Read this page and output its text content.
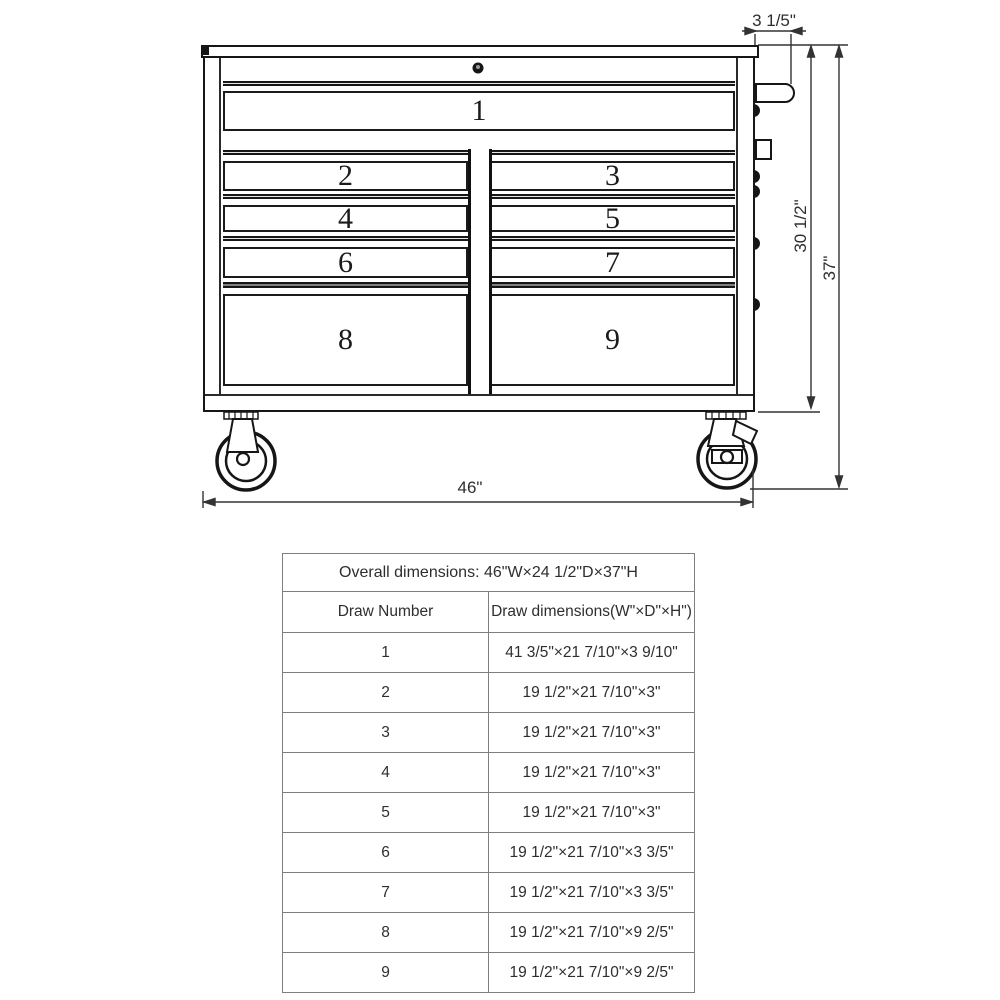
1
2	3
4	5
6	7
8	9
3 1/5"
30 1/2"
37"
46"
Overall dimensions: 46"W×24 1/2"D×37"H	
Draw Number	Draw dimensions(W"×D"×H")
1	41 3/5"×21 7/10"×3 9/10"
2	19 1/2"×21 7/10"×3"
3	19 1/2"×21 7/10"×3"
4	19 1/2"×21 7/10"×3"
5	19 1/2"×21 7/10"×3"
6	19 1/2"×21 7/10"×3 3/5"
7	19 1/2"×21 7/10"×3 3/5"
8	19 1/2"×21 7/10"×9 2/5"
9	19 1/2"×21 7/10"×9 2/5"
